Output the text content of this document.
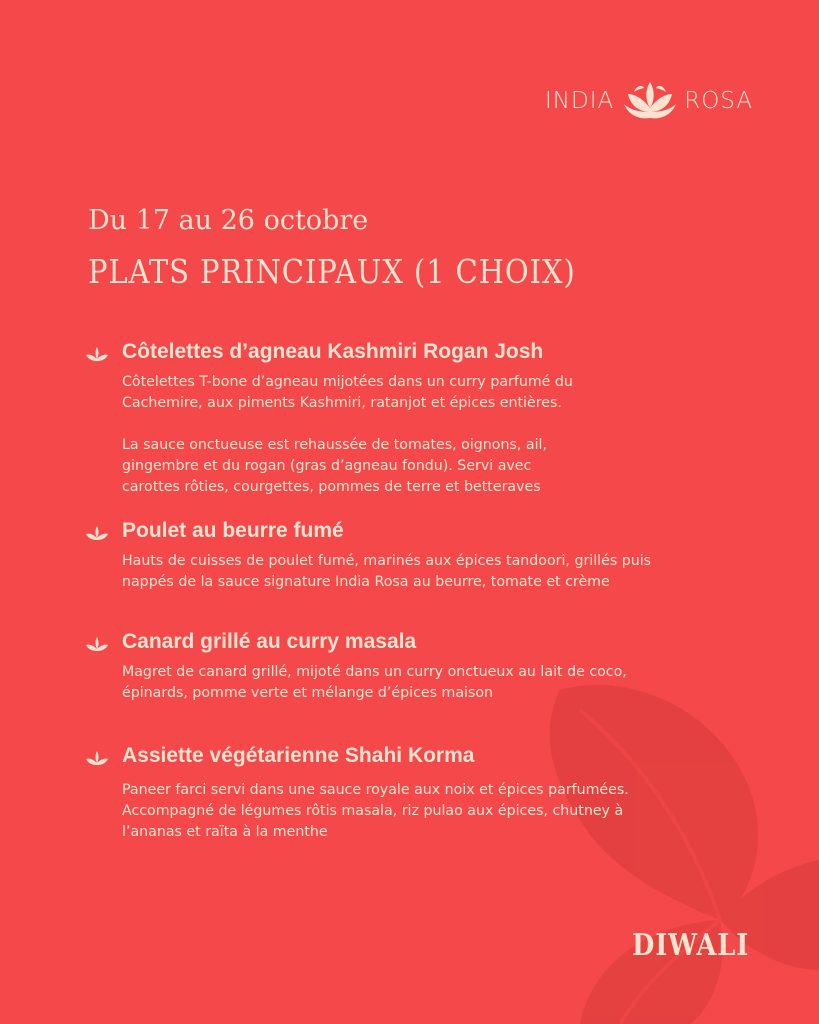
INDIA	ROSA
Du 17 au 26 octobre
PLATS PRINCIPAUX (1 CHOIX)
Côtelettes d’agneau Kashmiri Rogan Josh
Côtelettes T-bone d’agneau mijotées dans un curry parfumé du
Cachemire, aux piments Kashmiri, ratanjot et épices entières.

La sauce onctueuse est rehaussée de tomates, oignons, ail,
gingembre et du rogan (gras d’agneau fondu). Servi avec
carottes rôties, courgettes, pommes de terre et betteraves
Poulet au beurre fumé
Hauts de cuisses de poulet fumé, marinés aux épices tandoori, grillés puis
nappés de la sauce signature India Rosa au beurre, tomate et crème
Canard grillé au curry masala
Magret de canard grillé, mijoté dans un curry onctueux au lait de coco,
épinards, pomme verte et mélange d’épices maison
Assiette végétarienne Shahi Korma
Paneer farci servi dans une sauce royale aux noix et épices parfumées.
Accompagné de légumes rôtis masala, riz pulao aux épices, chutney à
l’ananas et raïta à la menthe
DIWALI
